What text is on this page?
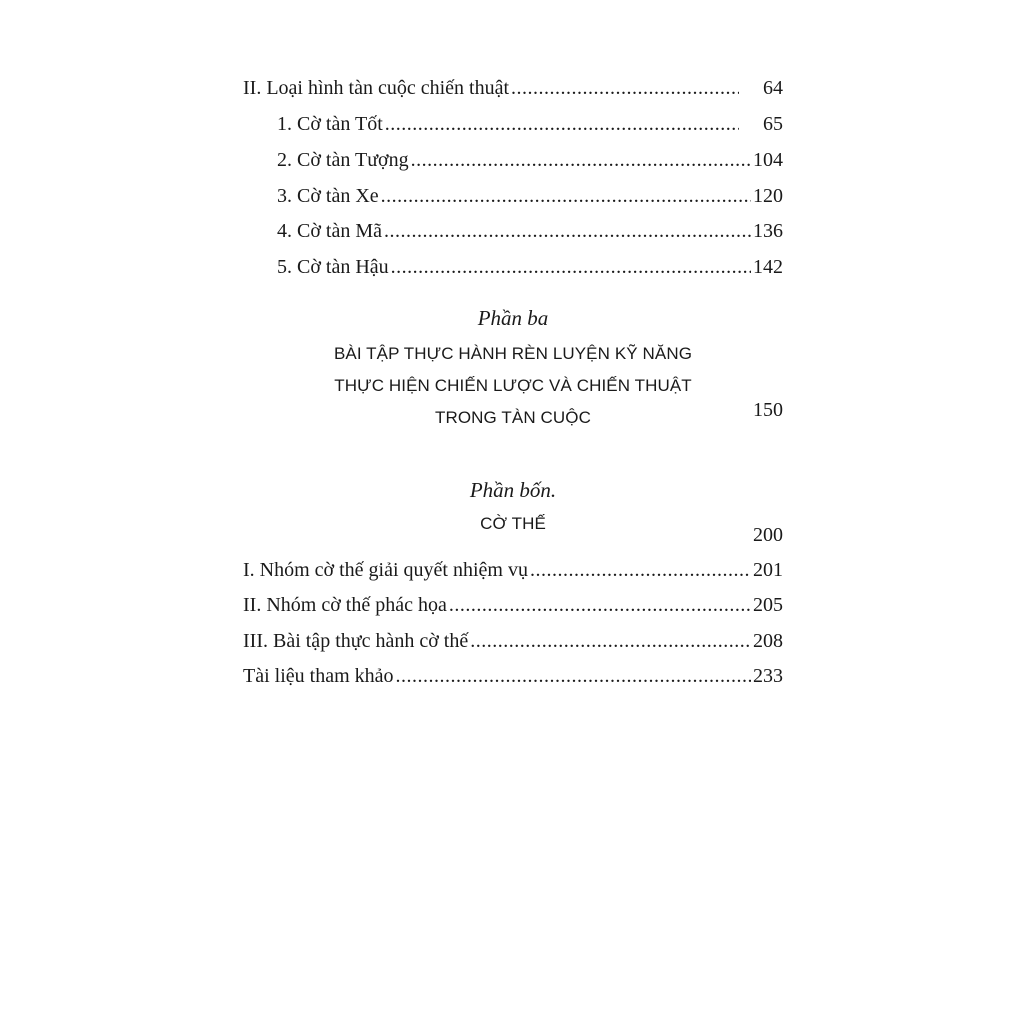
II. Loại hình tàn cuộc chiến thuật .....	64
1. Cờ tàn Tốt .....	65
2. Cờ tàn Tượng .....	104
3. Cờ tàn Xe .....	120
4. Cờ tàn Mã .....	136
5. Cờ tàn Hậu .....	142
Phần ba
BÀI TẬP THỰC HÀNH RÈN LUYỆN KỸ NĂNG
THỰC HIỆN CHIẾN LƯỢC VÀ CHIẾN THUẬT
TRONG TÀN CUỘC	150
Phần bốn.
CỜ THẾ
200
I. Nhóm cờ thế giải quyết nhiệm vụ .....	201
II. Nhóm cờ thế phác họa .....	205
III. Bài tập thực hành cờ thế .....	208
Tài liệu tham khảo .....	233
